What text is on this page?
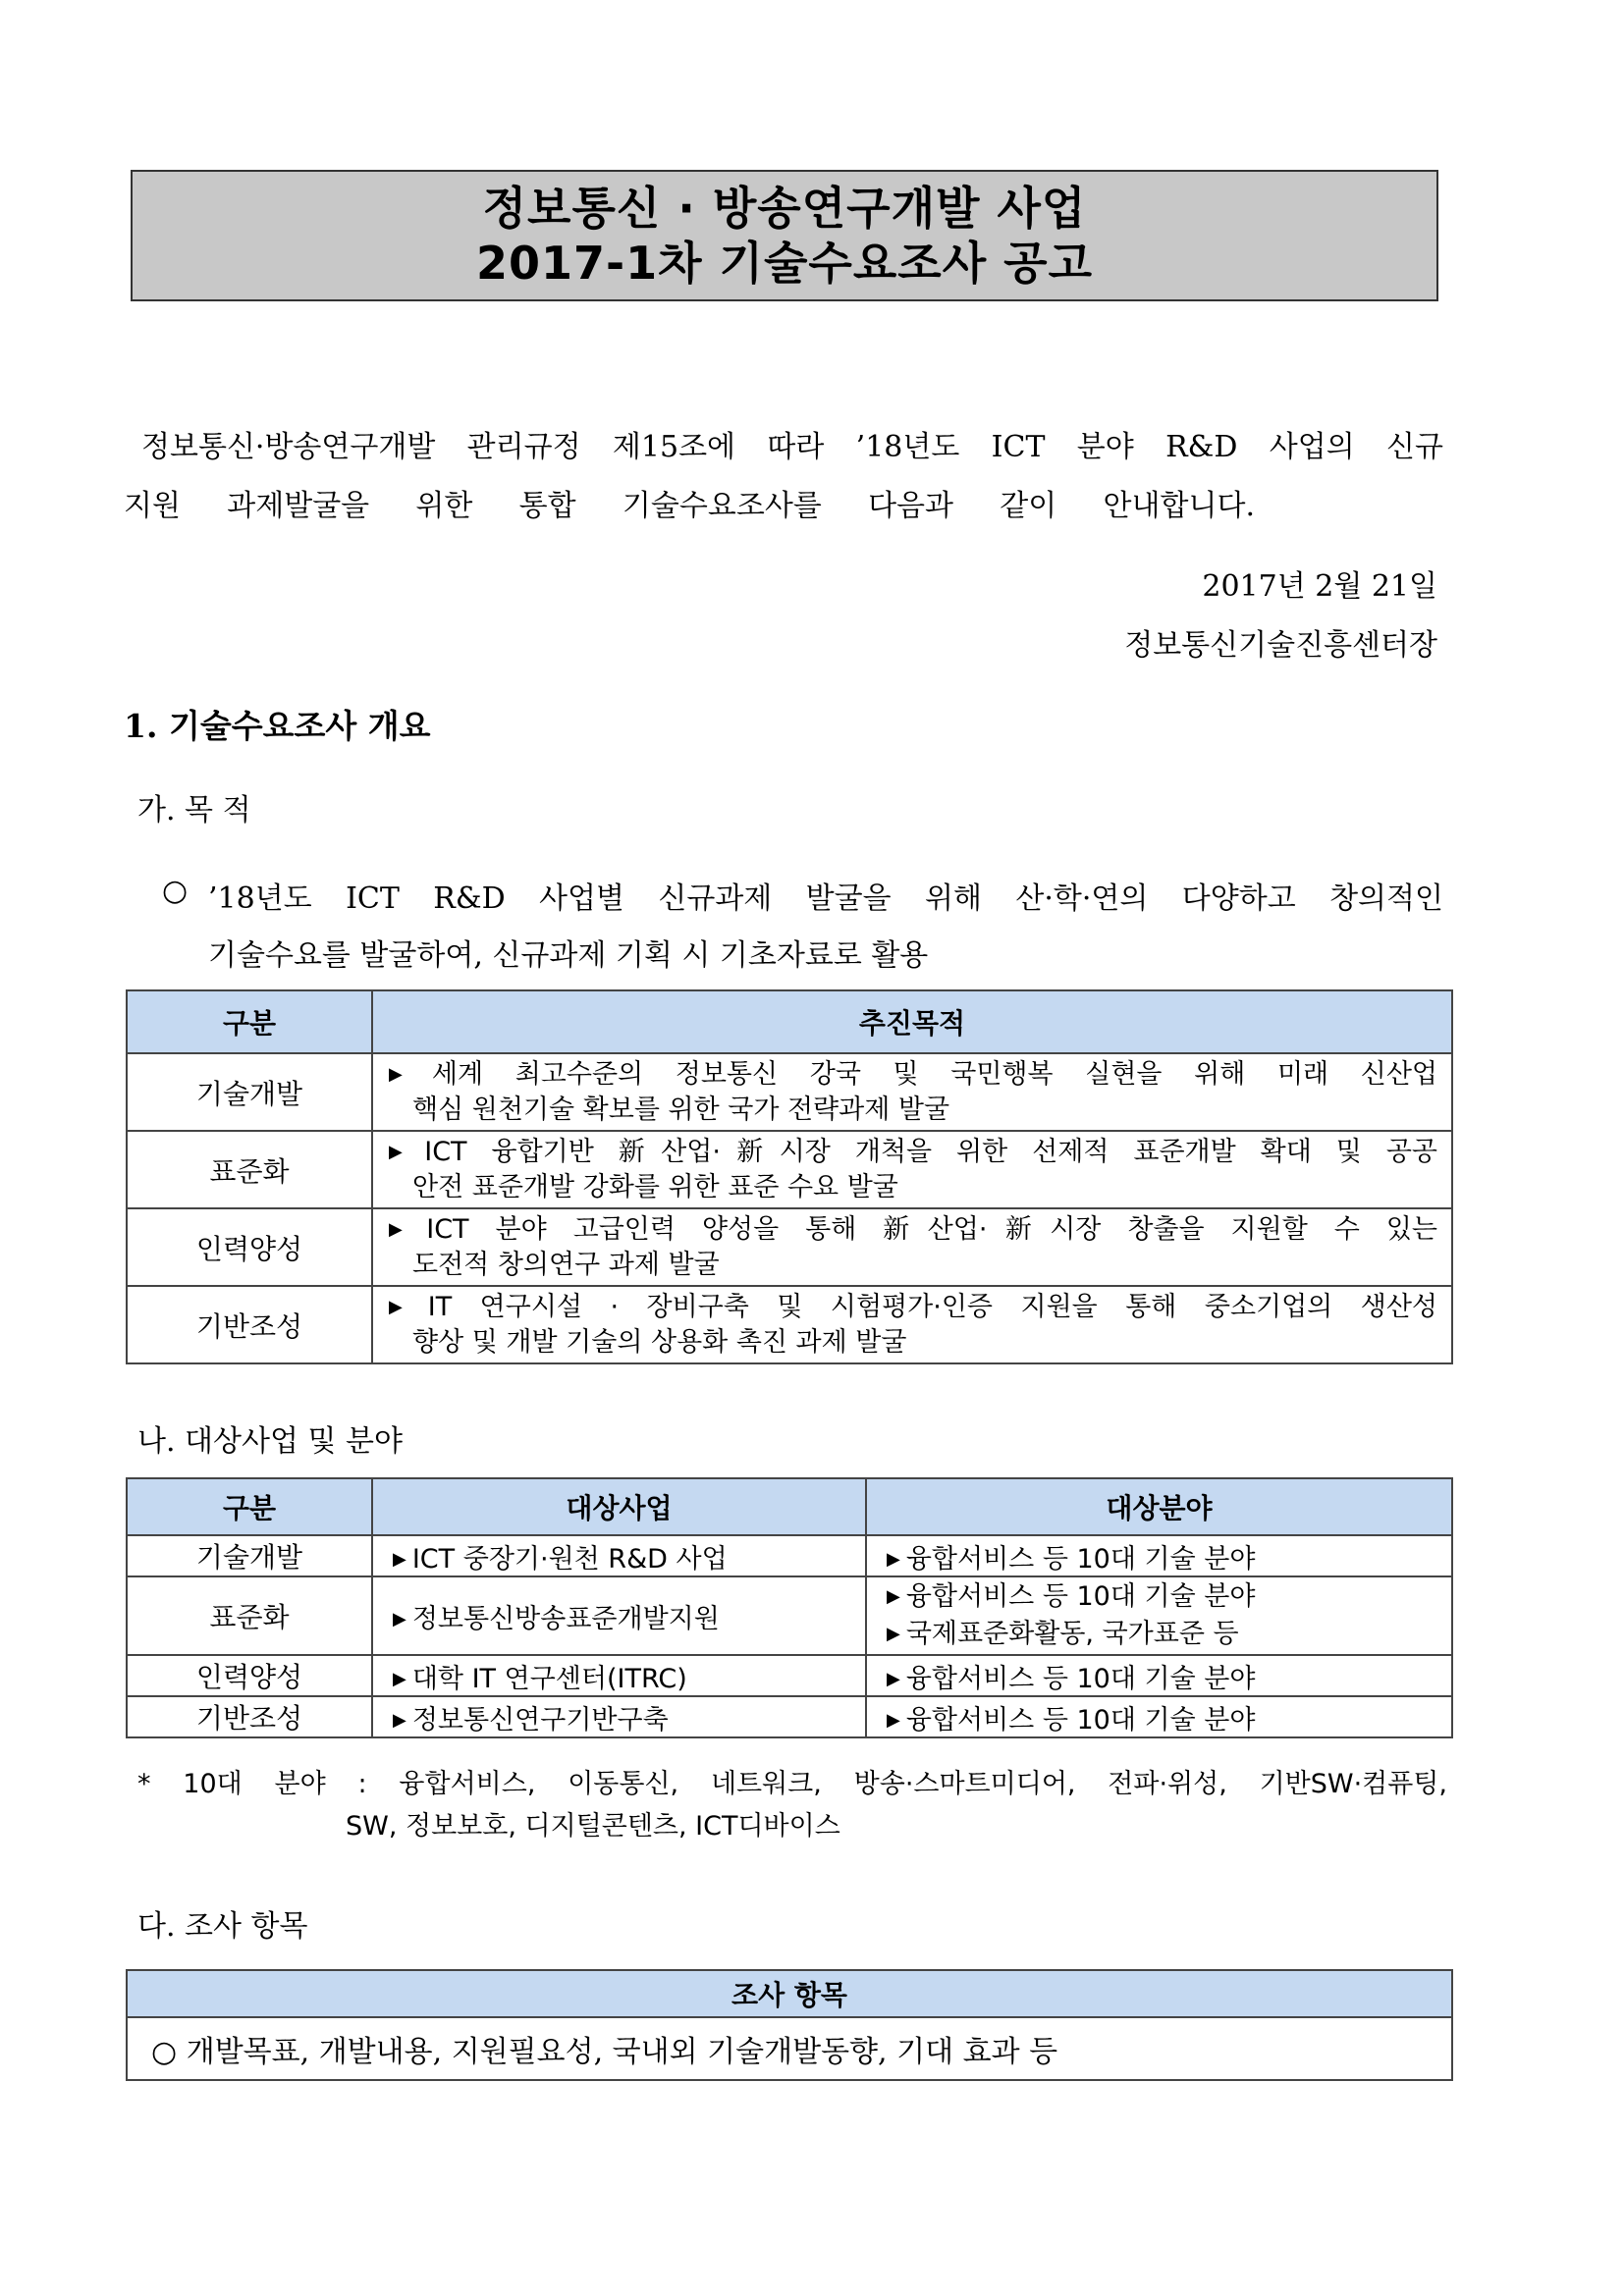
정보통신 · 방송연구개발 사업
2017-1차 기술수요조사 공고
정보통신·방송연구개발 관리규정 제15조에 따라 ’18년도 ICT 분야 R&D 사업의 신규
지원 과제발굴을 위한 통합 기술수요조사를 다음과 같이 안내합니다.
2017년 2월 21일
정보통신기술진흥센터장
1. 기술수요조사 개요
가. 목 적
○ ’18년도 ICT R&D 사업별 신규과제 발굴을 위해 산·학·연의 다양하고 창의적인
기술수요를 발굴하여, 신규과제 기획 시 기초자료로 활용
구분	추진목적
기술개발	▶ 세계 최고수준의 정보통신 강국 및 국민행복 실현을 위해 미래 신산업
핵심 원천기술 확보를 위한 국가 전략과제 발굴

표준화	▶ ICT 융합기반 新산업·新시장 개척을 위한 선제적 표준개발 확대 및 공공
안전 표준개발 강화를 위한 표준 수요 발굴

인력양성	▶ ICT 분야 고급인력 양성을 통해 新산업·新시장 창출을 지원할 수 있는
도전적 창의연구 과제 발굴

기반조성	▶ IT 연구시설 · 장비구축 및 시험평가·인증 지원을 통해 중소기업의 생산성
향상 및 개발 기술의 상용화 촉진 과제 발굴
나. 대상사업 및 분야
구분	대상사업	대상분야
기술개발	▶ ICT 중장기·원천 R&D 사업	▶ 융합서비스 등 10대 기술 분야
표준화	▶ 정보통신방송표준개발지원	▶ 융합서비스 등 10대 기술 분야
▶ 국제표준화활동, 국가표준 등

인력양성	▶ 대학 IT 연구센터(ITRC)	▶ 융합서비스 등 10대 기술 분야
기반조성	▶ 정보통신연구기반구축	▶ 융합서비스 등 10대 기술 분야
* 10대 분야 : 융합서비스, 이동통신, 네트워크, 방송·스마트미디어, 전파·위성, 기반SW·컴퓨팅,
SW, 정보보호, 디지털콘텐츠, ICT디바이스
다. 조사 항목
조사 항목
○ 개발목표, 개발내용, 지원필요성, 국내외 기술개발동향, 기대 효과 등
